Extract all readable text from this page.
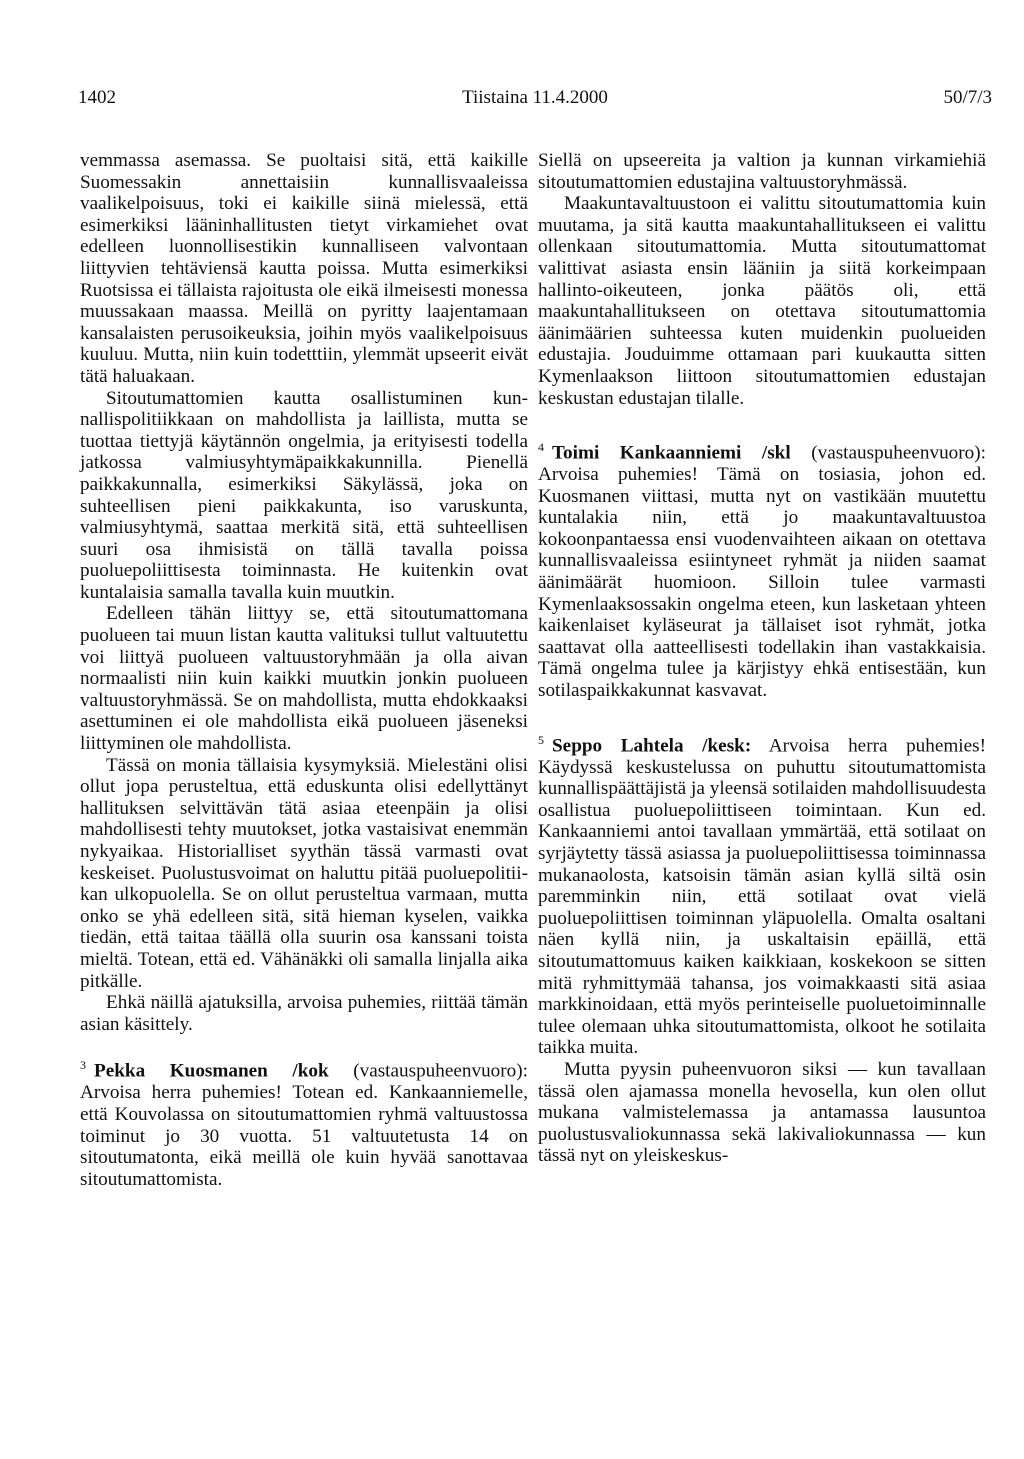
1402	Tiistaina 11.4.2000	50/7/3

vemmassa asemassa. Se puoltaisi sitä, että kaikille Suomessakin annettaisiin kunnallisvaaleissa vaalikelpoisuus, toki ei kaikille siinä mielessä, että esimerkiksi lääninhallitusten tietyt virkamiehet ovat edelleen luonnollisestikin kunnalliseen valvontaan liittyvien tehtäviensä kautta poissa. Mutta esimerkiksi Ruotsissa ei tällaista rajoitusta ole eikä ilmeisesti monessa muussakaan maassa. Meillä on pyritty laajentamaan kansalaisten perusoikeuksia, joihin myös vaalikelpoisuus kuuluu. Mutta, niin kuin todetttiin, ylemmät upseerit eivät tätä haluakaan.

Sitoutumattomien kautta osallistuminen kunnallispolitiikkaan on mahdollista ja laillista, mutta se tuottaa tiettyjä käytännön ongelmia, ja erityisesti todella jatkossa valmiusyhtymäpaikkakunnilla. Pienellä paikkakunnalla, esimerkiksi Säkylässä, joka on suhteellisen pieni paikkakunta, iso varuskunta, valmiusyhtymä, saattaa merkitä sitä, että suhteellisen suuri osa ihmisistä on tällä tavalla poissa puoluepoliittisesta toiminnasta. He kuitenkin ovat kuntalaisia samalla tavalla kuin muutkin.

Edelleen tähän liittyy se, että sitoutumattomana puolueen tai muun listan kautta valituksi tullut valtuutettu voi liittyä puolueen valtuustoryhmään ja olla aivan normaalisti niin kuin kaikki muutkin jonkin puolueen valtuustoryhmässä. Se on mahdollista, mutta ehdokkaaksi asettuminen ei ole mahdollista eikä puolueen jäseneksi liittyminen ole mahdollista.

Tässä on monia tällaisia kysymyksiä. Mielestäni olisi ollut jopa perusteltua, että eduskunta olisi edellyttänyt hallituksen selvittävän tätä asiaa eteenpäin ja olisi mahdollisesti tehty muutokset, jotka vastaisivat enemmän nykyaikaa. Historialliset syythän tässä varmasti ovat keskeiset. Puolustusvoimat on haluttu pitää puoluepolitiikan ulkopuolella. Se on ollut perusteltua varmaan, mutta onko se yhä edelleen sitä, sitä hieman kyselen, vaikka tiedän, että taitaa täällä olla suurin osa kanssani toista mieltä. Totean, että ed. Vähänäkki oli samalla linjalla aika pitkälle.

Ehkä näillä ajatuksilla, arvoisa puhemies, riittää tämän asian käsittely.

$^3$ Pekka Kuosmanen /kok (vastauspuheenvuoro): Arvoisa herra puhemies! Totean ed. Kankaanniemelle, että Kouvolassa on sitoutumattomien ryhmä valtuustossa toiminut jo 30 vuotta. 51 valtuutetusta 14 on sitoutumatonta, eikä meillä ole kuin hyvää sanottavaa sitoutumattomista.

Siellä on upseereita ja valtion ja kunnan virkamiehiä sitoutumattomien edustajina valtuustoryhmässä.

Maakuntavaltuustoon ei valittu sitoutumattomia kuin muutama, ja sitä kautta maakuntahallitukseen ei valittu ollenkaan sitoutumattomia. Mutta sitoutumattomat valittivat asiasta ensin lääniin ja siitä korkeimpaan hallinto-oikeuteen, jonka päätös oli, että maakuntahallitukseen on otettava sitoutumattomia äänimäärien suhteessa kuten muidenkin puolueiden edustajia. Jouduimme ottamaan pari kuukautta sitten Kymenlaakson liittoon sitoutumattomien edustajan keskustan edustajan tilalle.

$^4$ Toimi Kankaanniemi /skl (vastauspuheenvuoro): Arvoisa puhemies! Tämä on tosiasia, johon ed. Kuosmanen viittasi, mutta nyt on vastikään muutettu kuntalakia niin, että jo maakuntavaltuustoa kokoonpantaessa ensi vuodenvaihteen aikaan on otettava kunnallisvaaleissa esiintyneet ryhmät ja niiden saamat äänimäärät huomioon. Silloin tulee varmasti Kymenlaaksossakin ongelma eteen, kun lasketaan yhteen kaikenlaiset kyläseurat ja tällaiset isot ryhmät, jotka saattavat olla aatteellisesti todellakin ihan vastakkaisia. Tämä ongelma tulee ja kärjistyy ehkä entisestään, kun sotilaspaikkakunnat kasvavat.

$^5$ Seppo Lahtela /kesk: Arvoisa herra puhemies! Käydyssä keskustelussa on puhuttu sitoutumattomista kunnallispäättäjistä ja yleensä sotilaiden mahdollisuudesta osallistua puoluepoliittiseen toimintaan. Kun ed. Kankaanniemi antoi tavallaan ymmärtää, että sotilaat on syrjäytetty tässä asiassa ja puoluepoliittisessa toiminnassa mukanaolosta, katsoisin tämän asian kyllä siltä osin paremminkin niin, että sotilaat ovat vielä puoluepoliittisen toiminnan yläpuolella. Omalta osaltani näen kyllä niin, ja uskaltaisin epäillä, että sitoutumattomuus kaiken kaikkiaan, koskekoon se sitten mitä ryhmittymää tahansa, jos voimakkaasti sitä asiaa markkinoidaan, että myös perinteiselle puoluetoiminnalle tulee olemaan uhka sitoutumattomista, olkoot he sotilaita taikka muita.

Mutta pyysin puheenvuoron siksi — kun tavallaan tässä olen ajamassa monella hevosella, kun olen ollut mukana valmistelemassa ja antamassa lausuntoa puolustusvaliokunnassa sekä lakivaliokunnassa — kun tässä nyt on yleiskeskus-
